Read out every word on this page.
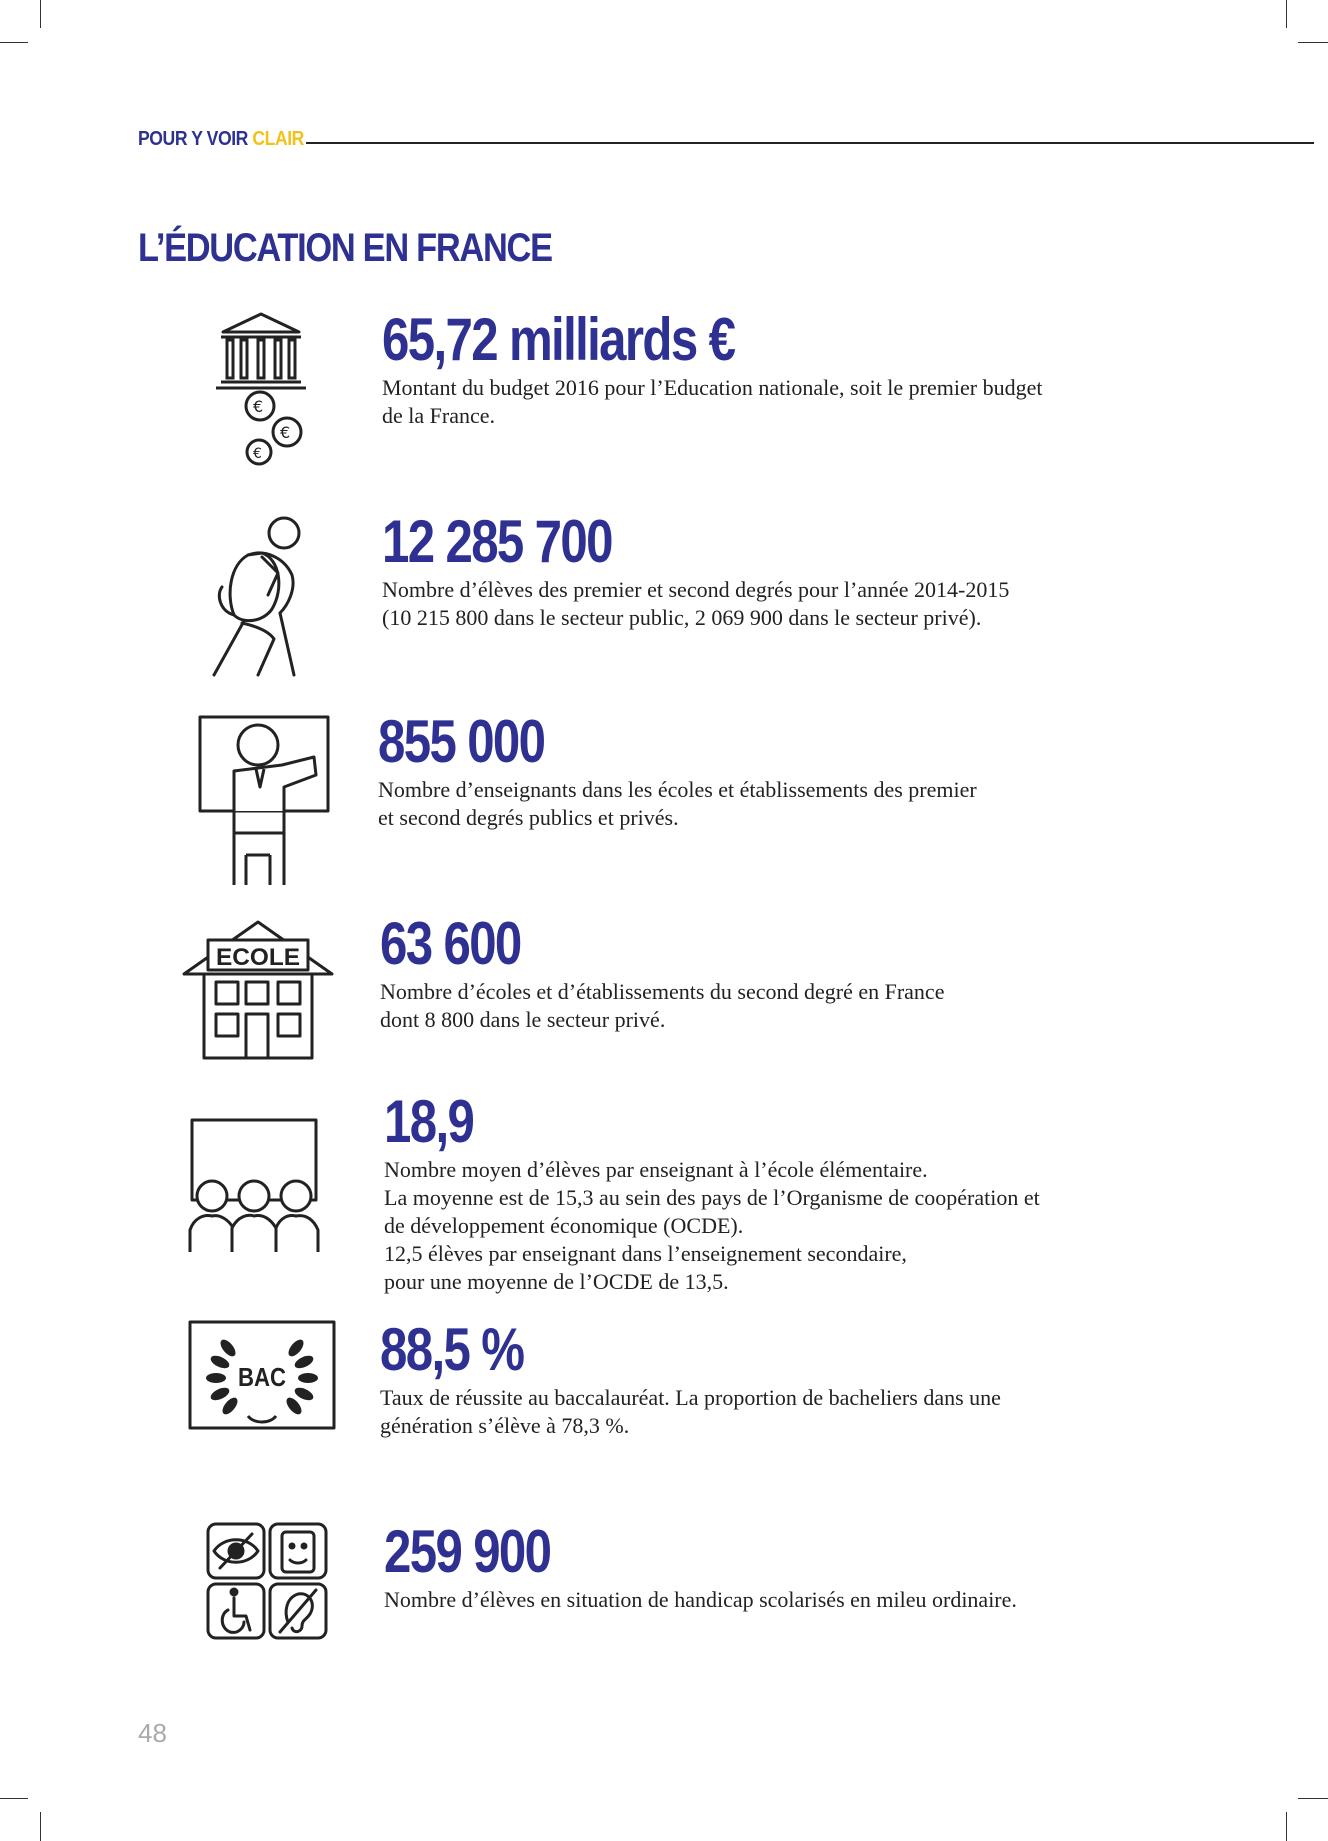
POUR Y VOIR CLAIR
L’ÉDUCATION EN FRANCE
€
€
€
65,72 milliards €

Montant du budget 2016 pour l’Education nationale, soit le premier budget

de la France.

12 285 700

Nombre d’élèves des premier et second degrés pour l’année 2014-2015

(10 215 800 dans le secteur public, 2 069 900 dans le secteur privé).

855 000

Nombre d’enseignants dans les écoles et établissements des premier

et second degrés publics et privés.

ECOLE 63 600

Nombre d’écoles et d’établissements du second degré en France

dont 8 800 dans le secteur privé.

18,9

Nombre moyen d’élèves par enseignant à l’école élémentaire.

La moyenne est de 15,3 au sein des pays de l’Organisme de coopération et

de développement économique (OCDE).

12,5 élèves par enseignant dans l’enseignement secondaire,

pour une moyenne de l’OCDE de 13,5.

BAC 88,5 %

Taux de réussite au baccalauréat. La proportion de bacheliers dans une

génération s’élève à 78,3 %.

259 900

Nombre d’élèves en situation de handicap scolarisés en mileu ordinaire.

48
